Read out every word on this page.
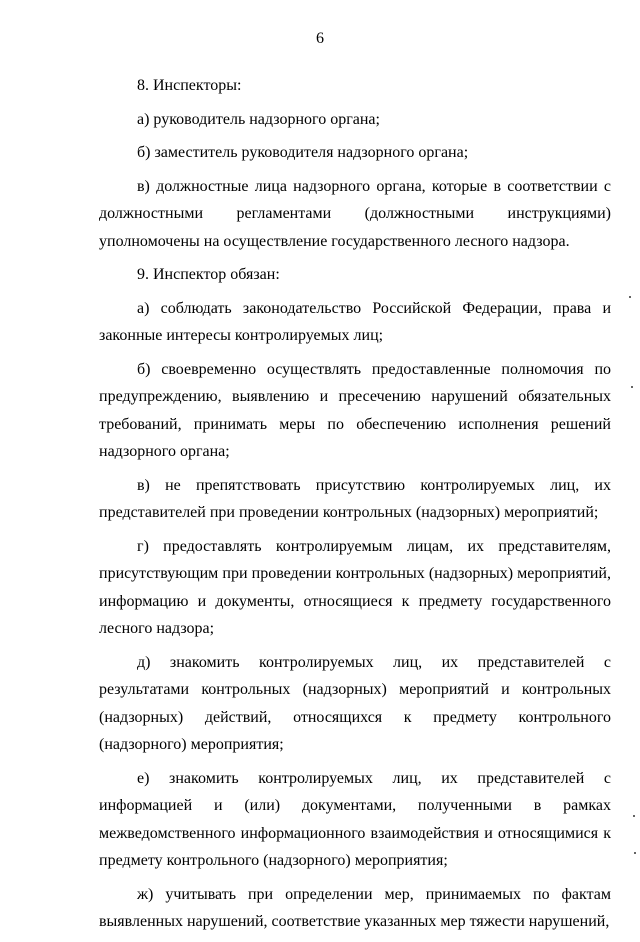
6

8. Инспекторы:

а) руководитель надзорного органа;

б) заместитель руководителя надзорного органа;

в) должностные лица надзорного органа, которые в соответствии с должностными регламентами (должностными инструкциями) уполномочены на осуществление государственного лесного надзора.

9. Инспектор обязан:

а) соблюдать законодательство Российской Федерации, права и законные интересы контролируемых лиц;

б) своевременно осуществлять предоставленные полномочия по предупреждению, выявлению и пресечению нарушений обязательных требований, принимать меры по обеспечению исполнения решений надзорного органа;

в) не препятствовать присутствию контролируемых лиц, их представителей при проведении контрольных (надзорных) мероприятий;

г) предоставлять контролируемым лицам, их представителям, присутствующим при проведении контрольных (надзорных) мероприятий, информацию и документы, относящиеся к предмету государственного лесного надзора;

д) знакомить контролируемых лиц, их представителей с результатами контрольных (надзорных) мероприятий и контрольных (надзорных) действий, относящихся к предмету контрольного (надзорного) мероприятия;

е) знакомить контролируемых лиц, их представителей с информацией и (или) документами, полученными в рамках межведомственного информационного взаимодействия и относящимися к предмету контрольного (надзорного) мероприятия;

ж) учитывать при определении мер, принимаемых по фактам выявленных нарушений, соответствие указанных мер тяжести нарушений,
